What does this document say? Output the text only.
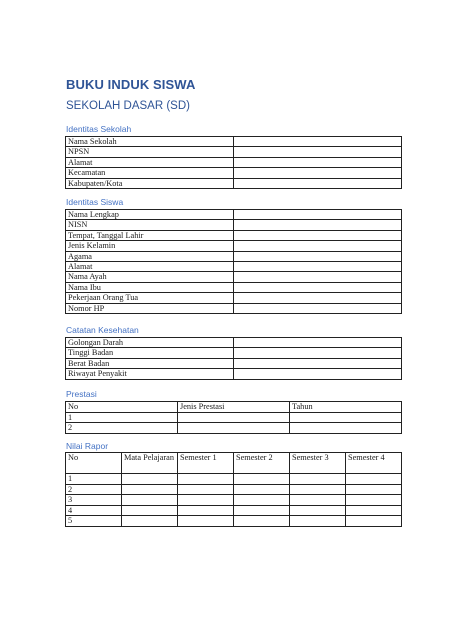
BUKU INDUK SISWA
SEKOLAH DASAR (SD)
Identitas Sekolah
Nama Sekolah	
NPSN	
Alamat	
Kecamatan	
Kabupaten/Kota	
Identitas Siswa
Nama Lengkap	
NISN	
Tempat, Tanggal Lahir	
Jenis Kelamin	
Agama	
Alamat	
Nama Ayah	
Nama Ibu	
Pekerjaan Orang Tua	
Nomor HP	
Catatan Kesehatan
Golongan Darah	
Tinggi Badan	
Berat Badan	
Riwayat Penyakit	
Prestasi
No	Jenis Prestasi	Tahun
1		
2		
Nilai Rapor
No	Mata Pelajaran	Semester 1	Semester 2	Semester 3	Semester 4
1					
2					
3					
4					
5					
